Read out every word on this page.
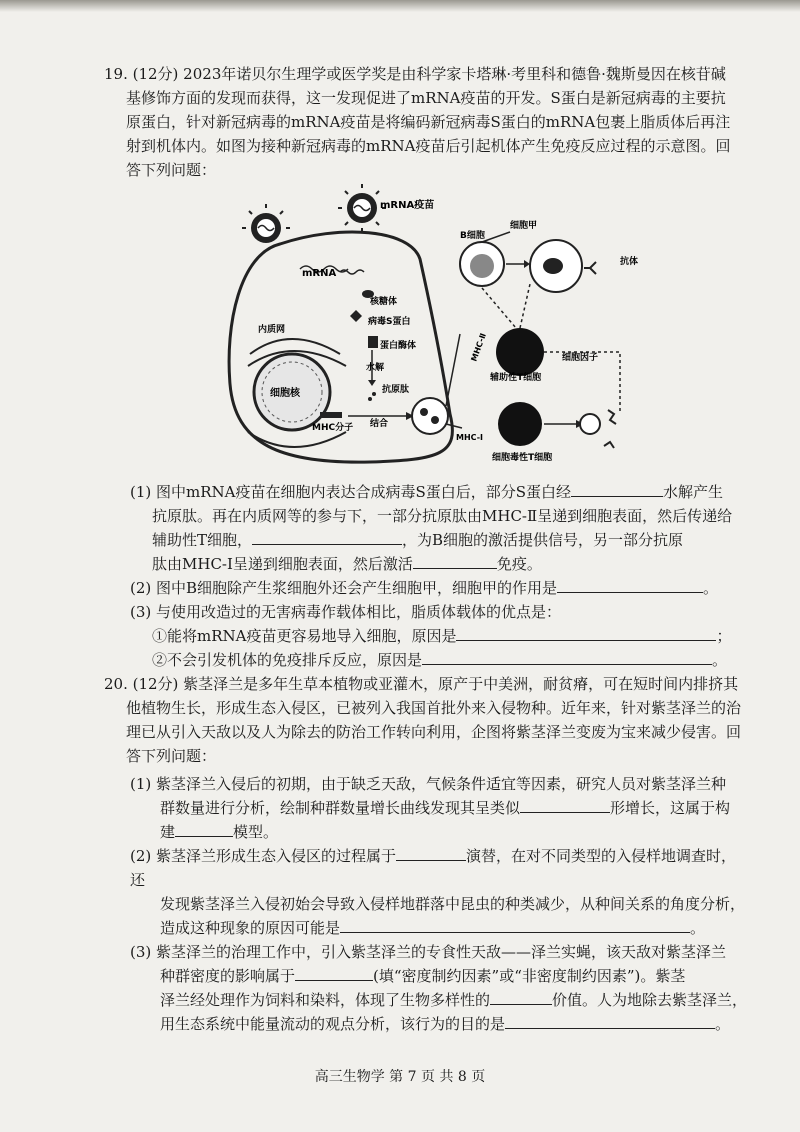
19. (12分) 2023年诺贝尔生理学或医学奖是由科学家卡塔琳·考里科和德鲁·魏斯曼因在核苷碱

基修饰方面的发现而获得，这一发现促进了mRNA疫苗的开发。S蛋白是新冠病毒的主要抗

原蛋白，针对新冠病毒的mRNA疫苗是将编码新冠病毒S蛋白的mRNA包裹上脂质体后再注

射到机体内。如图为接种新冠病毒的mRNA疫苗后引起机体产生免疫反应过程的示意图。回

答下列问题：

mRNA疫苗
mRNA
核糖体
病毒S蛋白
内质网
细胞核
蛋白酶体
水解
抗原肽
MHC分子 结合
B细胞
细胞甲
抗体
MHC-Ⅱ
辅助性T细胞
细胞因子
MHC-Ⅰ
细胞毒性T细胞

(1) 图中mRNA疫苗在细胞内表达合成病毒S蛋白后，部分S蛋白经	水解产生

抗原肽。再在内质网等的参与下，一部分抗原肽由MHC-Ⅱ呈递到细胞表面，然后传递给

辅助性T细胞，	，为B细胞的激活提供信号，另一部分抗原

肽由MHC-Ⅰ呈递到细胞表面，然后激活	免疫。

(2) 图中B细胞除产生浆细胞外还会产生细胞甲，细胞甲的作用是	。

(3) 与使用改造过的无害病毒作载体相比，脂质体载体的优点是：

①能将mRNA疫苗更容易地导入细胞，原因是	；

②不会引发机体的免疫排斥反应，原因是	。

20. (12分) 紫茎泽兰是多年生草本植物或亚灌木，原产于中美洲，耐贫瘠，可在短时间内排挤其

他植物生长，形成生态入侵区，已被列入我国首批外来入侵物种。近年来，针对紫茎泽兰的治

理已从引入天敌以及人为除去的防治工作转向利用，企图将紫茎泽兰变废为宝来减少侵害。回

答下列问题：

(1) 紫茎泽兰入侵后的初期，由于缺乏天敌，气候条件适宜等因素，研究人员对紫茎泽兰种

群数量进行分析，绘制种群数量增长曲线发现其呈类似	形增长，这属于构

建	模型。

(2) 紫茎泽兰形成生态入侵区的过程属于	演替，在对不同类型的入侵样地调查时，还

发现紫茎泽兰入侵初始会导致入侵样地群落中昆虫的种类减少，从种间关系的角度分析，

造成这种现象的原因可能是	。

(3) 紫茎泽兰的治理工作中，引入紫茎泽兰的专食性天敌——泽兰实蝇，该天敌对紫茎泽兰

种群密度的影响属于	(填“密度制约因素”或“非密度制约因素”)。紫茎

泽兰经处理作为饲料和染料，体现了生物多样性的	价值。人为地除去紫茎泽兰，

用生态系统中能量流动的观点分析，该行为的目的是	。

高三生物学 第 7 页 共 8 页
